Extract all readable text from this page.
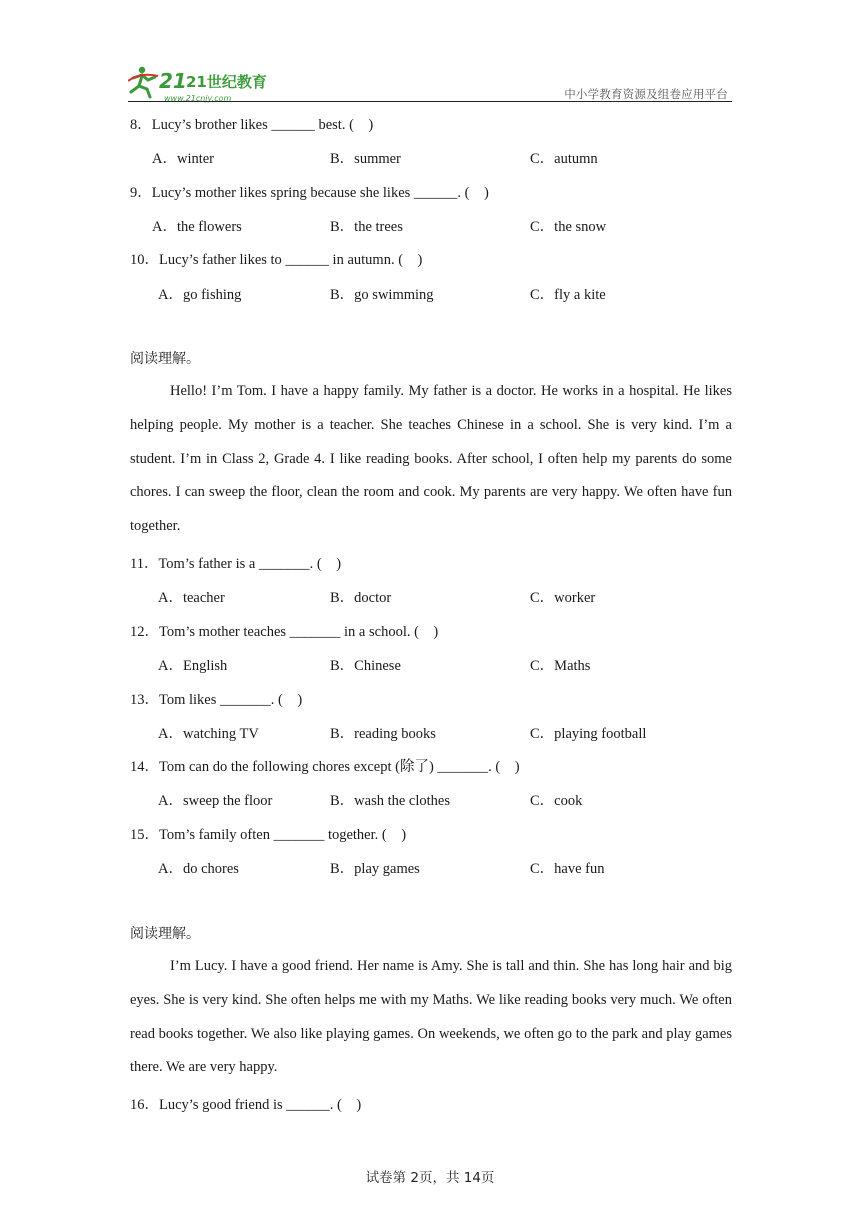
21 21世纪教育
www.21cnjy.com	中小学教育资源及组卷应用平台
8．Lucy’s brother likes ______ best. (　)
A．winter	B．summer	C．autumn
9．Lucy’s mother likes spring because she likes ______. (　)
A．the flowers	B．the trees	C．the snow
10．Lucy’s father likes to ______ in autumn. (　)
A．go fishing	B．go swimming	C．fly a kite
阅读理解。

Hello! I’m Tom. I have a happy family. My father is a doctor. He works in a hospital. He likes helping people. My mother is a teacher. She teaches Chinese in a school. She is very kind. I’m a student. I’m in Class 2, Grade 4. I like reading books. After school, I often help my parents do some chores. I can sweep the floor, clean the room and cook. My parents are very happy. We often have fun together.

11．Tom’s father is a _______. (　)
A．teacher	B．doctor	C．worker
12．Tom’s mother teaches _______ in a school. (　)
A．English	B．Chinese	C．Maths
13．Tom likes _______. (　)
A．watching TV	B．reading books	C．playing football
14．Tom can do the following chores except (除了) _______. (　)
A．sweep the floor	B．wash the clothes	C．cook
15．Tom’s family often _______ together. (　)
A．do chores	B．play games	C．have fun
阅读理解。

I’m Lucy. I have a good friend. Her name is Amy. She is tall and thin. She has long hair and big eyes. She is very kind. She often helps me with my Maths. We like reading books very much. We often read books together. We also like playing games. On weekends, we often go to the park and play games there. We are very happy.

16．Lucy’s good friend is ______. (　)
试卷第 2页，共 14页
